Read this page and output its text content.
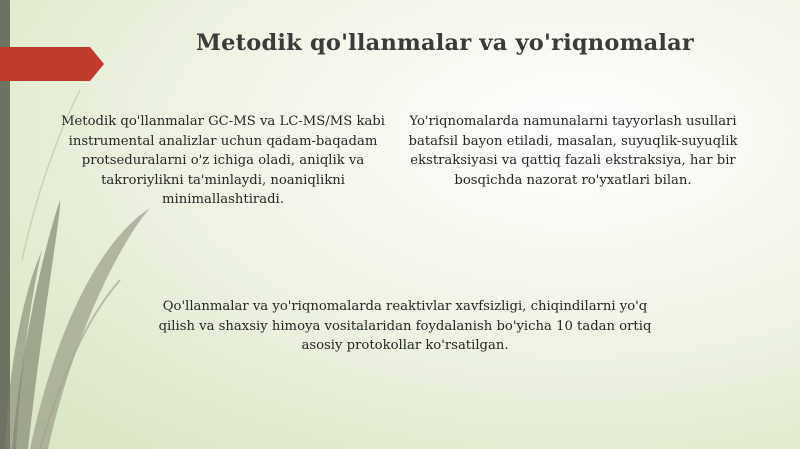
Metodik qo'llanmalar va yo'riqnomalar

Metodik qo'llanmalar GC-MS va LC-MS/MS kabi instrumental analizlar uchun qadam-baqadam protseduralarni o'z ichiga oladi, aniqlik va takroriylikni ta'minlaydi, noaniqlikni minimallashtiradi.

Yo'riqnomalarda namunalarni tayyorlash usullari batafsil bayon etiladi, masalan, suyuqlik-suyuqlik ekstraksiyasi va qattiq fazali ekstraksiya, har bir bosqichda nazorat ro'yxatlari bilan.

Qo'llanmalar va yo'riqnomalarda reaktivlar xavfsizligi, chiqindilarni yo'q qilish va shaxsiy himoya vositalaridan foydalanish bo'yicha 10 tadan ortiq asosiy protokollar ko'rsatilgan.
